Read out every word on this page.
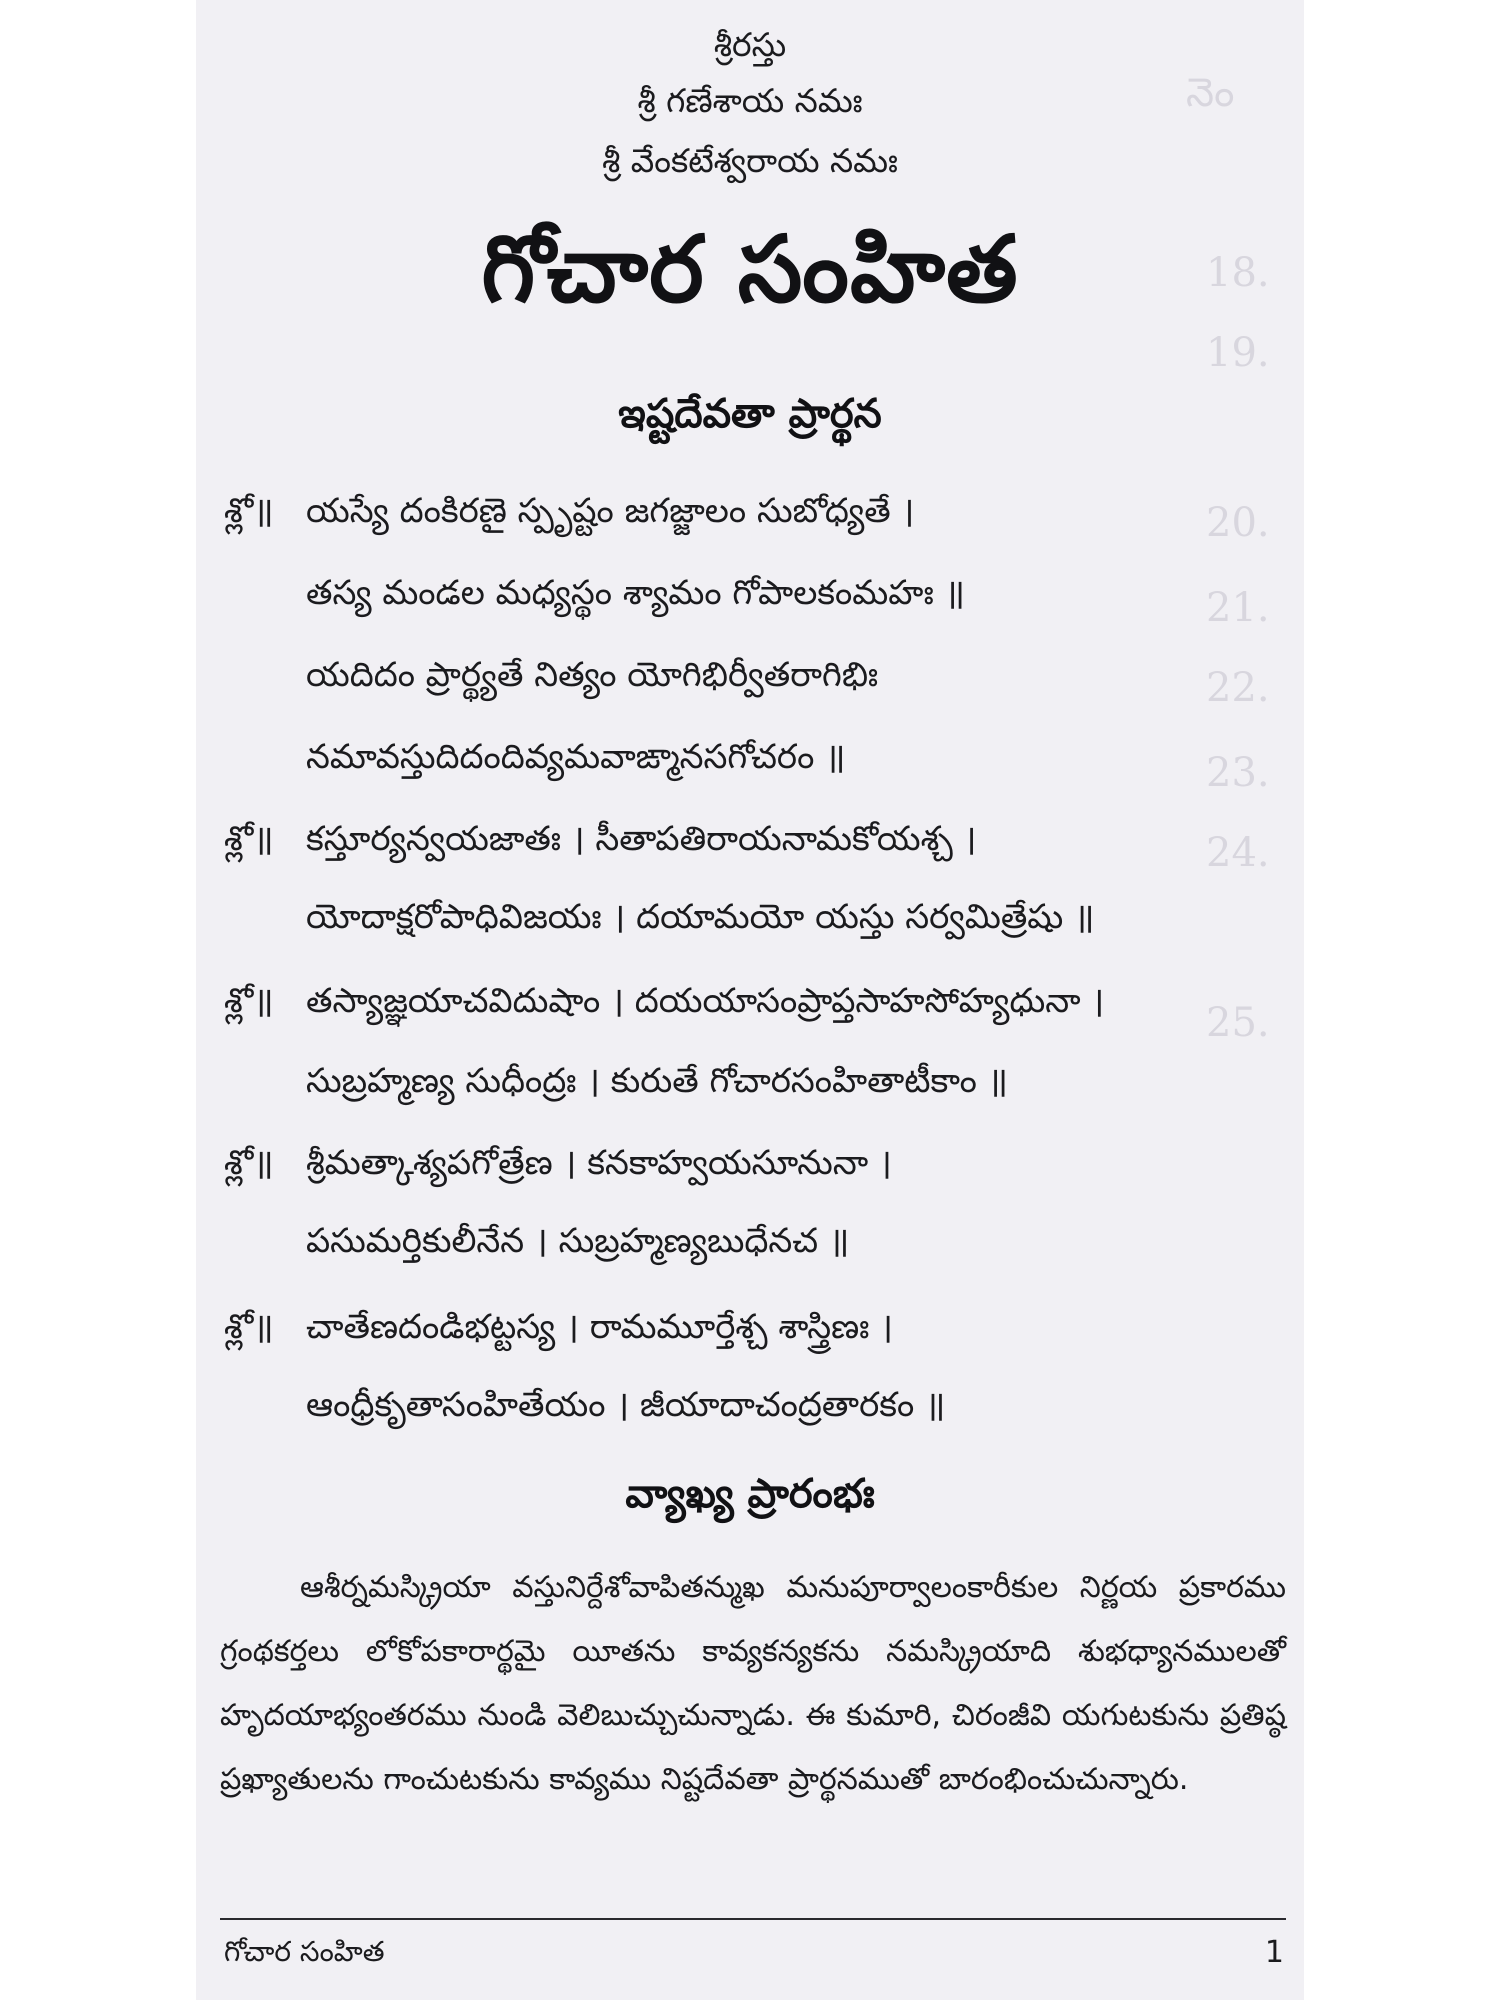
నెం
18.
19.
20.
21.
22.
23.
24.
25.
శ్రీరస్తు
శ్రీ గణేశాయ నమః
శ్రీ వేంకటేశ్వరాయ నమః
గోచార సంహిత
ఇష్టదేవతా ప్రార్థన
శ్లో॥ యస్యే దంకిరణై స్పృష్టం జగజ్జాలం సుబోధ్యతే ।
తస్య మండల మధ్యస్థం శ్యామం గోపాలకంమహః ॥
యదిదం ప్రార్థ్యతే నిత్యం యోగిభిర్వీతరాగిభిః
నమావస్తుదిదందివ్యమవాఙ్మానసగోచరం ॥
శ్లో॥ కస్తూర్యన్వయజాతః । సీతాపతిరాయనామకోయశ్చ ।
యోదాక్షరోపాధివిజయః । దయామయో యస్తు సర్వమిత్రేషు ॥
శ్లో॥ తస్యాజ్ఞయాచవిదుషాం । దయయాసంప్రాప్తసాహసోహ్యధునా ।
సుబ్రహ్మణ్య సుధీంద్రః । కురుతే గోచారసంహితాటీకాం ॥
శ్లో॥ శ్రీమత్కాశ్యపగోత్రేణ । కనకాహ్వయసూనునా ।
పసుమర్తికులీనేన । సుబ్రహ్మణ్యబుధేనచ ॥
శ్లో॥ చాతేణదండిభట్టస్య । రామమూర్తేశ్చ శాస్త్రిణః ।
ఆంధ్రీకృతాసంహితేయం । జీయాదాచంద్రతారకం ॥
వ్యాఖ్య ప్రారంభః

ఆశీర్నమస్క్రియా వస్తునిర్దేశోవాపితన్ముఖ మనుపూర్వాలంకారీకుల నిర్ణయ ప్రకారము గ్రంథకర్తలు లోకోపకారార్థమై యీతను కావ్యకన్యకను నమస్క్రియాది శుభధ్యానములతో హృదయాభ్యంతరము నుండి వెలిబుచ్చుచున్నాడు. ఈ కుమారి, చిరంజీవి యగుటకును ప్రతిష్ఠ ప్రఖ్యాతులను గాంచుటకును కావ్యము నిష్టదేవతా ప్రార్థనముతో బారంభించుచున్నారు.

గోచార సంహిత	1
